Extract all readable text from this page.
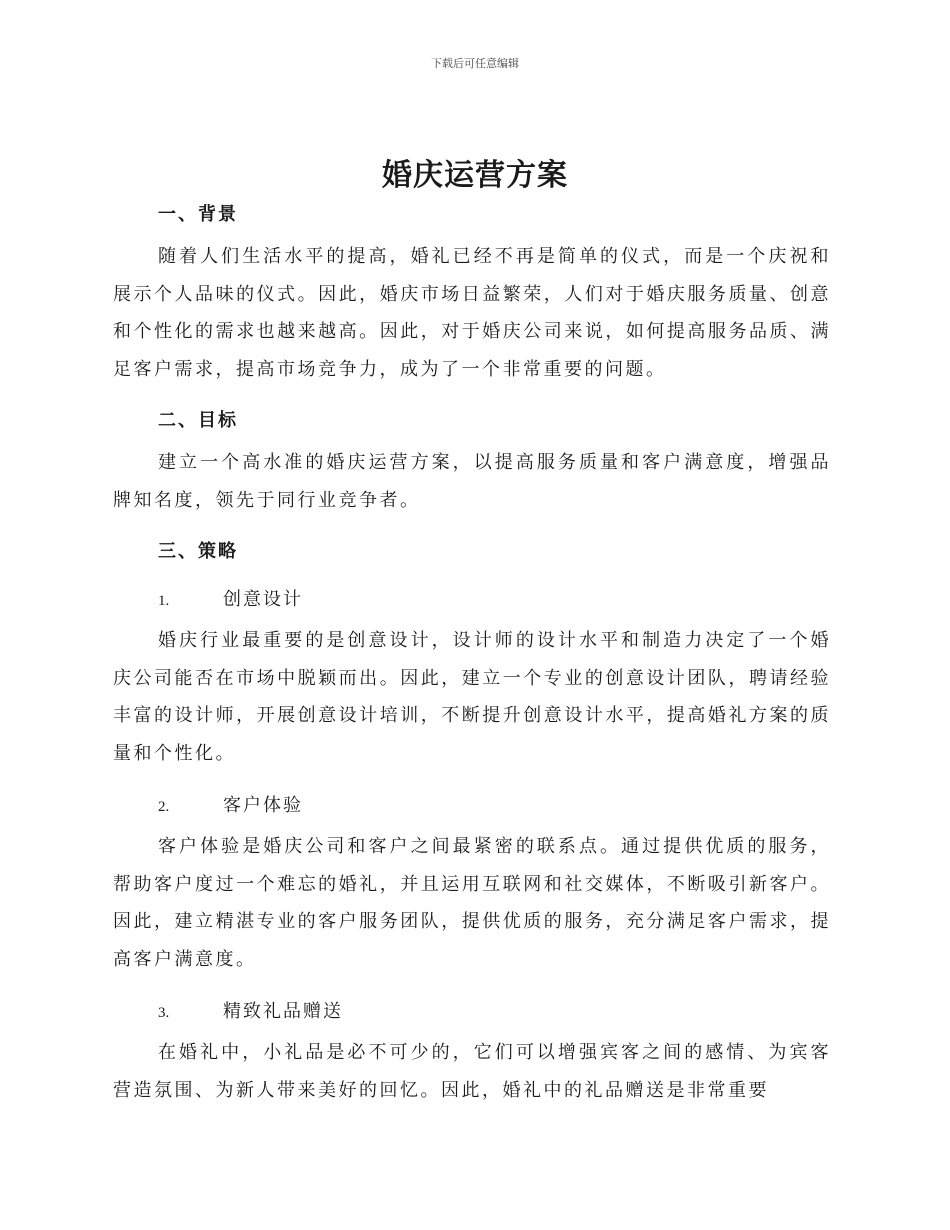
下载后可任意编辑
婚庆运营方案
一、背景

随着人们生活水平的提高，婚礼已经不再是简单的仪式，而是一个庆祝和展示个人品味的仪式。因此，婚庆市场日益繁荣，人们对于婚庆服务质量、创意和个性化的需求也越来越高。因此，对于婚庆公司来说，如何提高服务品质、满足客户需求，提高市场竞争力，成为了一个非常重要的问题。

二、目标

建立一个高水准的婚庆运营方案，以提高服务质量和客户满意度，增强品牌知名度，领先于同行业竞争者。

三、策略
1.	创意设计

婚庆行业最重要的是创意设计，设计师的设计水平和制造力决定了一个婚庆公司能否在市场中脱颖而出。因此，建立一个专业的创意设计团队，聘请经验丰富的设计师，开展创意设计培训，不断提升创意设计水平，提高婚礼方案的质量和个性化。

2.	客户体验

客户体验是婚庆公司和客户之间最紧密的联系点。通过提供优质的服务，帮助客户度过一个难忘的婚礼，并且运用互联网和社交媒体，不断吸引新客户。因此，建立精湛专业的客户服务团队，提供优质的服务，充分满足客户需求，提高客户满意度。

3.	精致礼品赠送

在婚礼中，小礼品是必不可少的，它们可以增强宾客之间的感情、为宾客营造氛围、为新人带来美好的回忆。因此，婚礼中的礼品赠送是非常重要
